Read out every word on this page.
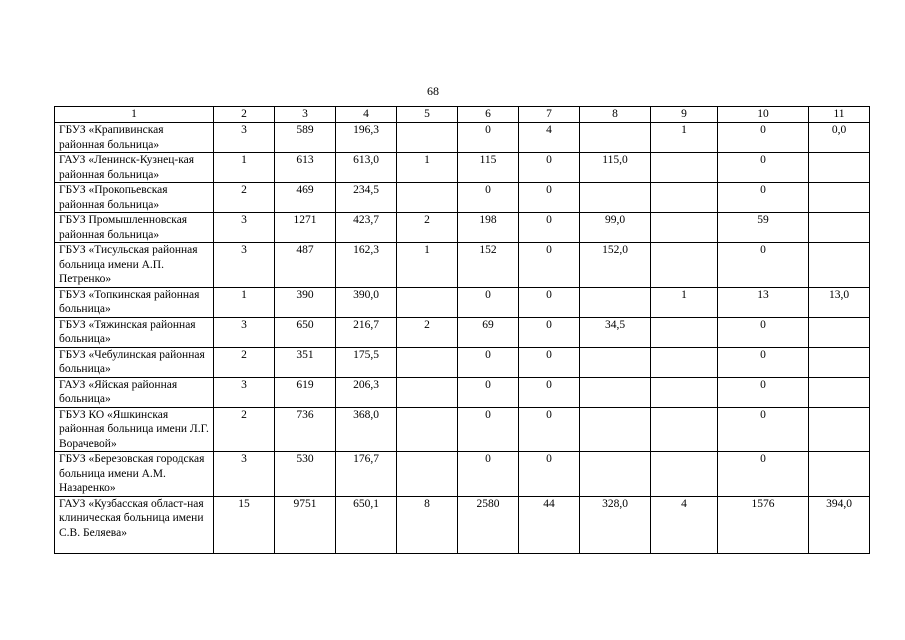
68
1	2	3	4	5	6	7	8	9	10	11
ГБУЗ «Крапивинская районная больница»	3	589	196,3		0	4		1	0	0,0
ГАУЗ «Ленинск-Кузнец-кая районная больница»	1	613	613,0	1	115	0	115,0		0	
ГБУЗ «Прокопьевская районная больница»	2	469	234,5		0	0			0	
ГБУЗ Промышленновская районная больница»	3	1271	423,7	2	198	0	99,0		59	
ГБУЗ «Тисульская районная больница имени А.П. Петренко»	3	487	162,3	1	152	0	152,0		0	
ГБУЗ «Топкинская районная больница»	1	390	390,0		0	0		1	13	13,0
ГБУЗ «Тяжинская районная больница»	3	650	216,7	2	69	0	34,5		0	
ГБУЗ «Чебулинская районная больница»	2	351	175,5		0	0			0	
ГАУЗ «Яйская районная больница»	3	619	206,3		0	0			0	
ГБУЗ КО «Яшкинская районная больница имени Л.Г. Ворачевой»	2	736	368,0		0	0			0	
ГБУЗ «Березовская городская больница имени А.М. Назаренко»	3	530	176,7		0	0			0	
ГАУЗ «Кузбасская област-ная клиническая больница имени С.В. Беляева»	15	9751	650,1	8	2580	44	328,0	4	1576	394,0
